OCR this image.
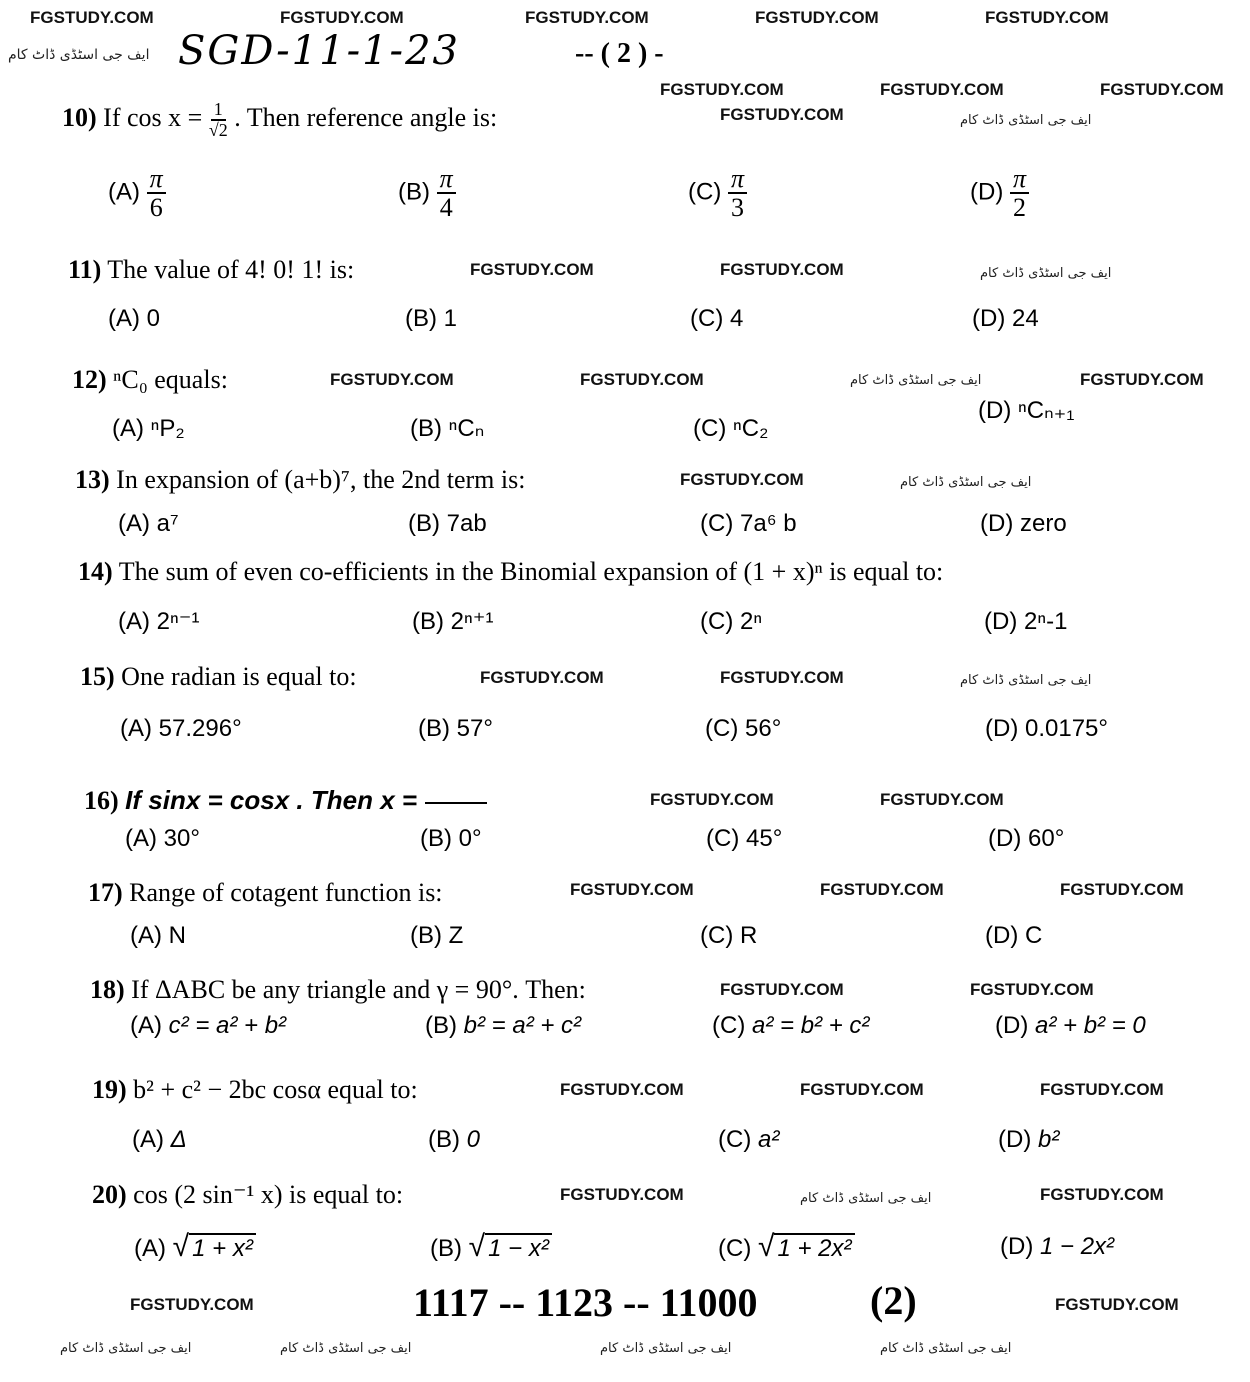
FGSTUDY.COM	FGSTUDY.COM	FGSTUDY.COM	FGSTUDY.COM	FGSTUDY.COM
FGSTUDY.COM	FGSTUDY.COM	FGSTUDY.COM
FGSTUDY.COM
FGSTUDY.COM	FGSTUDY.COM
FGSTUDY.COM	FGSTUDY.COM	FGSTUDY.COM
FGSTUDY.COM
FGSTUDY.COM	FGSTUDY.COM
FGSTUDY.COM	FGSTUDY.COM
FGSTUDY.COM	FGSTUDY.COM	FGSTUDY.COM
FGSTUDY.COM	FGSTUDY.COM
FGSTUDY.COM	FGSTUDY.COM	FGSTUDY.COM
FGSTUDY.COM	FGSTUDY.COM
FGSTUDY.COM	FGSTUDY.COM
ایف جی اسٹڈی ڈاٹ کام
ایف جی اسٹڈی ڈاٹ کام
ایف جی اسٹڈی ڈاٹ کام
ایف جی اسٹڈی ڈاٹ کام
ایف جی اسٹڈی ڈاٹ کام
ایف جی اسٹڈی ڈاٹ کام
ایف جی اسٹڈی ڈاٹ کام	ایف جی اسٹڈی ڈاٹ کام	ایف جی اسٹڈی ڈاٹ کام	ایف جی اسٹڈی ڈاٹ کام
ایف جی اسٹڈی ڈاٹ کام SGD-11-1-23	-- ( 2 ) -
10) If $\cos x = \frac{1}{√2}$ . Then reference angle is:
$(A) \frac{\pi}{6}$	$(B) \frac{\pi}{4}$	$(C) \frac{\pi}{3}$	$(D) \frac{\pi}{2}$
11) The value of 4! 0! 1! is:
(A) 0	(B) 1	(C) 4	(D) 24
12) ⁿC₀ equals:
(A) ⁿP₂	(B) ⁿCₙ	(C) ⁿC₂
(D) ⁿCₙ₊₁
13) In expansion of (a+b)⁷, the 2nd term is:
(A) a⁷	(B) 7ab	(C) 7a⁶ b	(D) zero
14) The sum of even co-efficients in the Binomial expansion of (1 + x)ⁿ is equal to:
(A) 2ⁿ⁻¹	(B) 2ⁿ⁺¹	(C) 2ⁿ	(D) 2ⁿ-1
15) One radian is equal to:
(A) 57.296°	(B) 57°	(C) 56°	(D) 0.0175°
16) If sinx = cosx . Then x =
(A) 30°	(B) 0°	(C) 45°	(D) 60°
17) Range of cotagent function is:
(A) N	(B) Z	(C) R	(D) C
18) If ΔABC be any triangle and γ = 90°. Then:
(A) c² = a² + b²	(B) b² = a² + c²	(C) a² = b² + c²	(D) a² + b² = 0
19) b² + c² − 2bc cosα equal to:
(A) Δ	(B) 0	(C) a²	(D) b²
20) cos (2 sin⁻¹ x) is equal to:
(A) √ 1 + x²	(B) √ 1 − x²	(C) √ 1 + 2x²	(D) 1 − 2x²
1117 -- 1123 -- 11000	(2)
